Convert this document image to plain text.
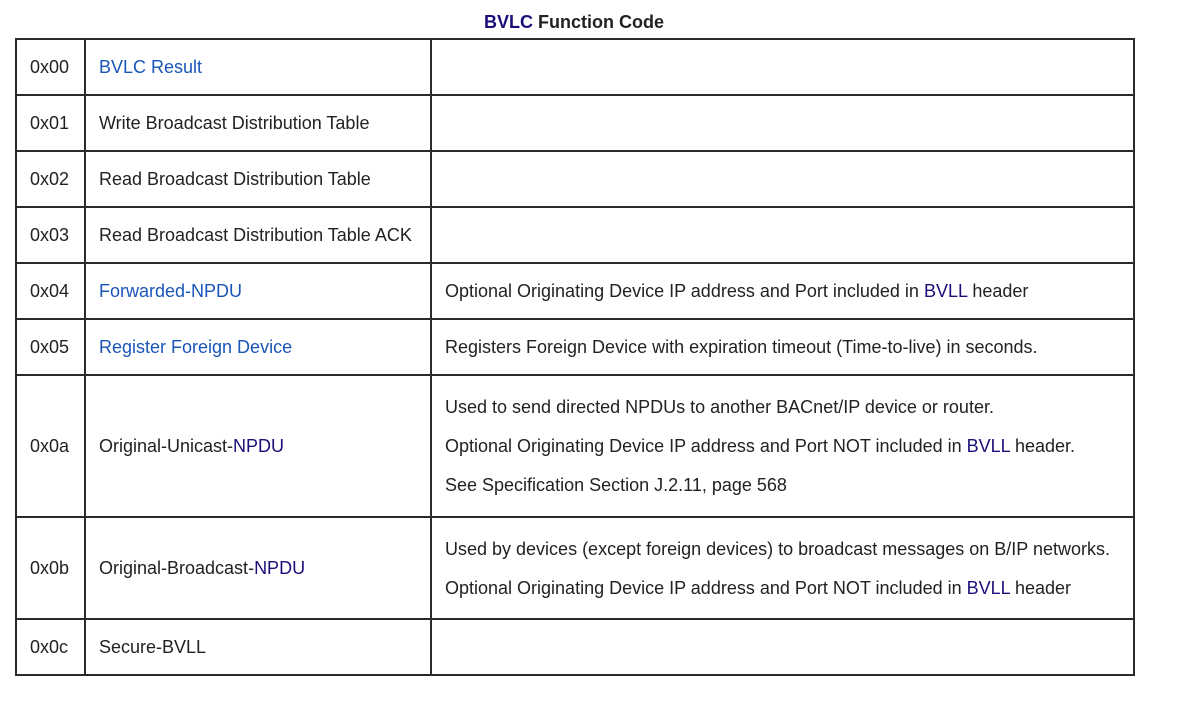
BVLC Function Code
0x00	BVLC Result	
0x01	Write Broadcast Distribution Table	
0x02	Read Broadcast Distribution Table	
0x03	Read Broadcast Distribution Table ACK	
0x04	Forwarded-NPDU	Optional Originating Device IP address and Port included in BVLL header

0x05	Register Foreign Device	Registers Foreign Device with expiration timeout (Time-to-live) in seconds.

0x0a	Original-Unicast-NPDU	Used to send directed NPDUs to another BACnet/IP device or router.
Optional Originating Device IP address and Port NOT included in BVLL header.
See Specification Section J.2.11, page 568

0x0b	Original-Broadcast-NPDU	Used by devices (except foreign devices) to broadcast messages on B/IP networks.
Optional Originating Device IP address and Port NOT included in BVLL header

0x0c	Secure-BVLL	
